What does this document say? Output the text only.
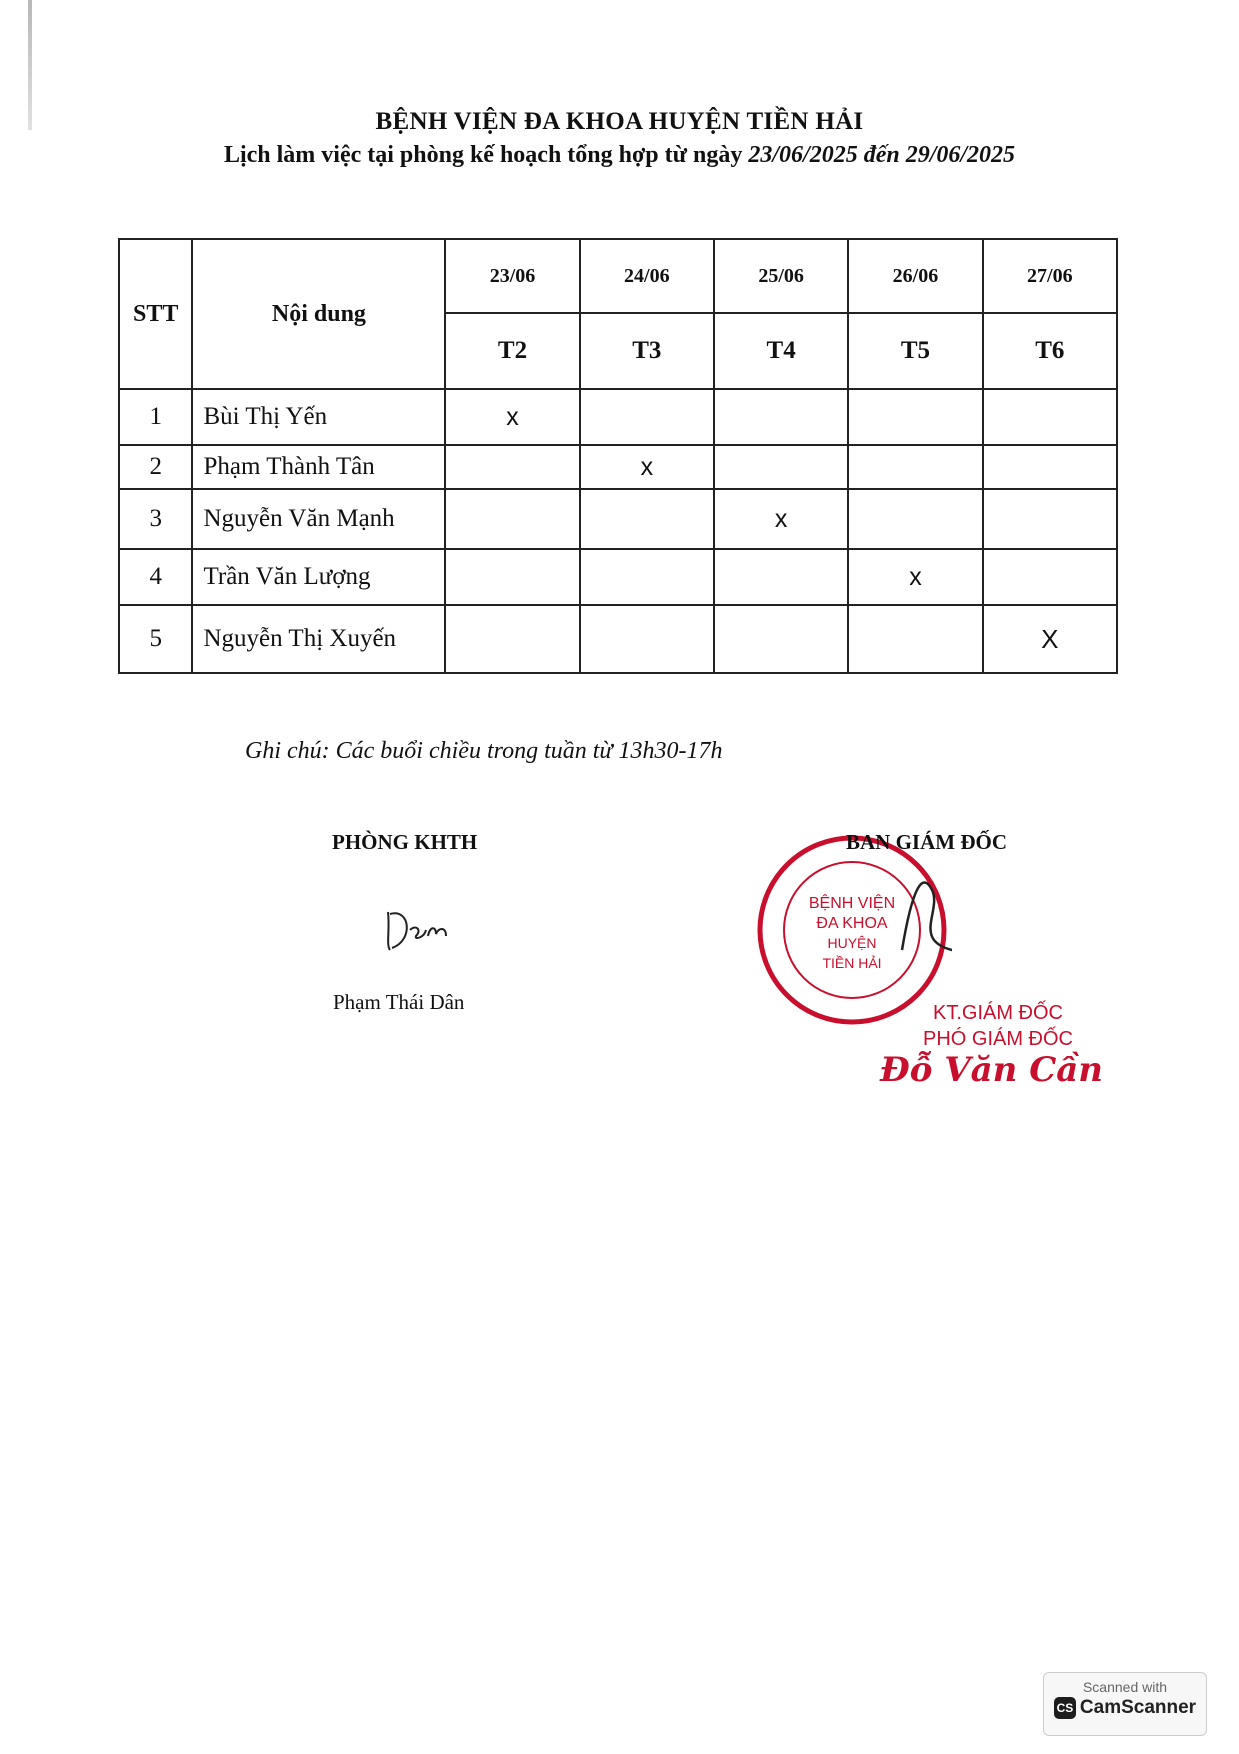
BỆNH VIỆN ĐA KHOA HUYỆN TIỀN HẢI
Lịch làm việc tại phòng kế hoạch tổng hợp từ ngày 23/06/2025 đến 29/06/2025
STT	Nội dung	23/06	24/06	25/06	26/06	27/06
		T2	T3	T4	T5	T6
1	Bùi Thị Yến	x				
2	Phạm Thành Tân		x			
3	Nguyễn Văn Mạnh			x		
4	Trần Văn Lượng				x	
5	Nguyễn Thị Xuyến					X
Ghi chú: Các buổi chiều trong tuần từ 13h30-17h
PHÒNG KHTH
Phạm Thái Dân
BỆNH VIỆN
ĐA KHOA
HUYỆN
TIỀN HẢI
BAN GIÁM ĐỐC
KT.GIÁM ĐỐC
PHÓ GIÁM ĐỐC
Đỗ Văn Cần
Scanned with
CS CamScanner
